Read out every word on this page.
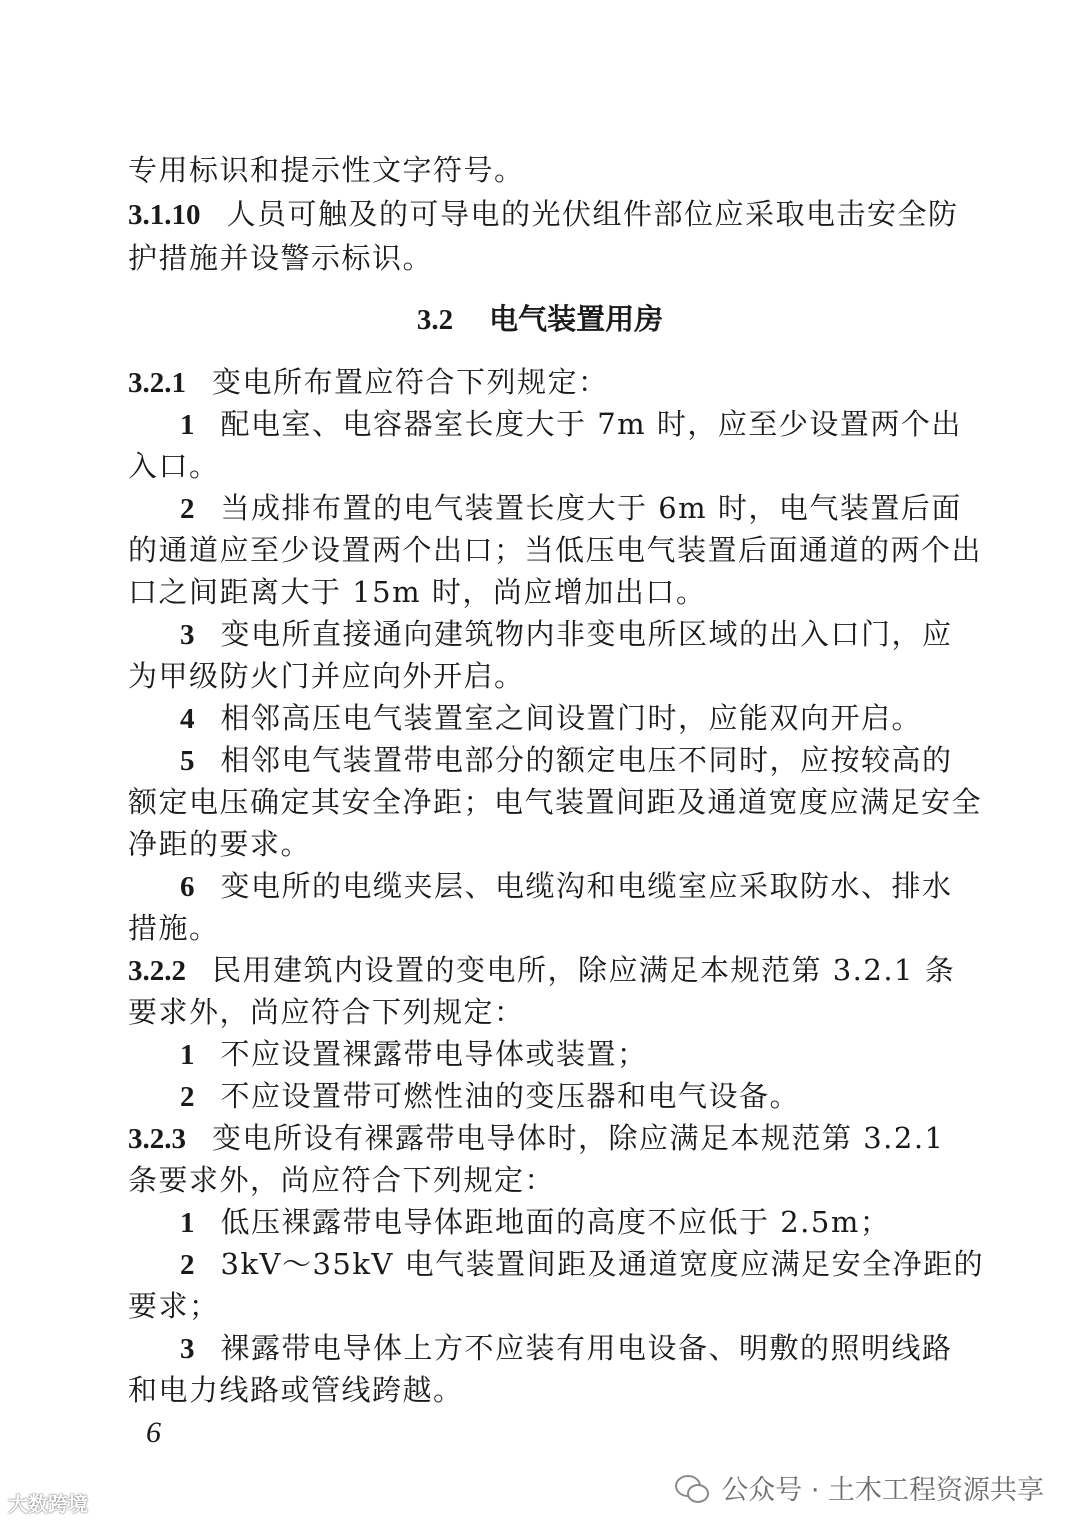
专用标识和提示性文字符号。
3.1.10 人员可触及的可导电的光伏组件部位应采取电击安全防
护措施并设警示标识。
3.2 电气装置用房
3.2.1 变电所布置应符合下列规定：
1 配电室、电容器室长度大于 7m 时，应至少设置两个出
入口。
2 当成排布置的电气装置长度大于 6m 时，电气装置后面
的通道应至少设置两个出口；当低压电气装置后面通道的两个出
口之间距离大于 15m 时，尚应增加出口。
3 变电所直接通向建筑物内非变电所区域的出入口门，应
为甲级防火门并应向外开启。
4 相邻高压电气装置室之间设置门时，应能双向开启。
5 相邻电气装置带电部分的额定电压不同时，应按较高的
额定电压确定其安全净距；电气装置间距及通道宽度应满足安全
净距的要求。
6 变电所的电缆夹层、电缆沟和电缆室应采取防水、排水
措施。
3.2.2 民用建筑内设置的变电所，除应满足本规范第 3.2.1 条
要求外，尚应符合下列规定：
1 不应设置裸露带电导体或装置；
2 不应设置带可燃性油的变压器和电气设备。
3.2.3 变电所设有裸露带电导体时，除应满足本规范第 3.2.1
条要求外，尚应符合下列规定：
1 低压裸露带电导体距地面的高度不应低于 2.5m；
2 3kV～35kV 电气装置间距及通道宽度应满足安全净距的
要求；
3 裸露带电导体上方不应装有用电设备、明敷的照明线路
和电力线路或管线跨越。
6
公众号 · 土木工程资源共享
大数跨境
